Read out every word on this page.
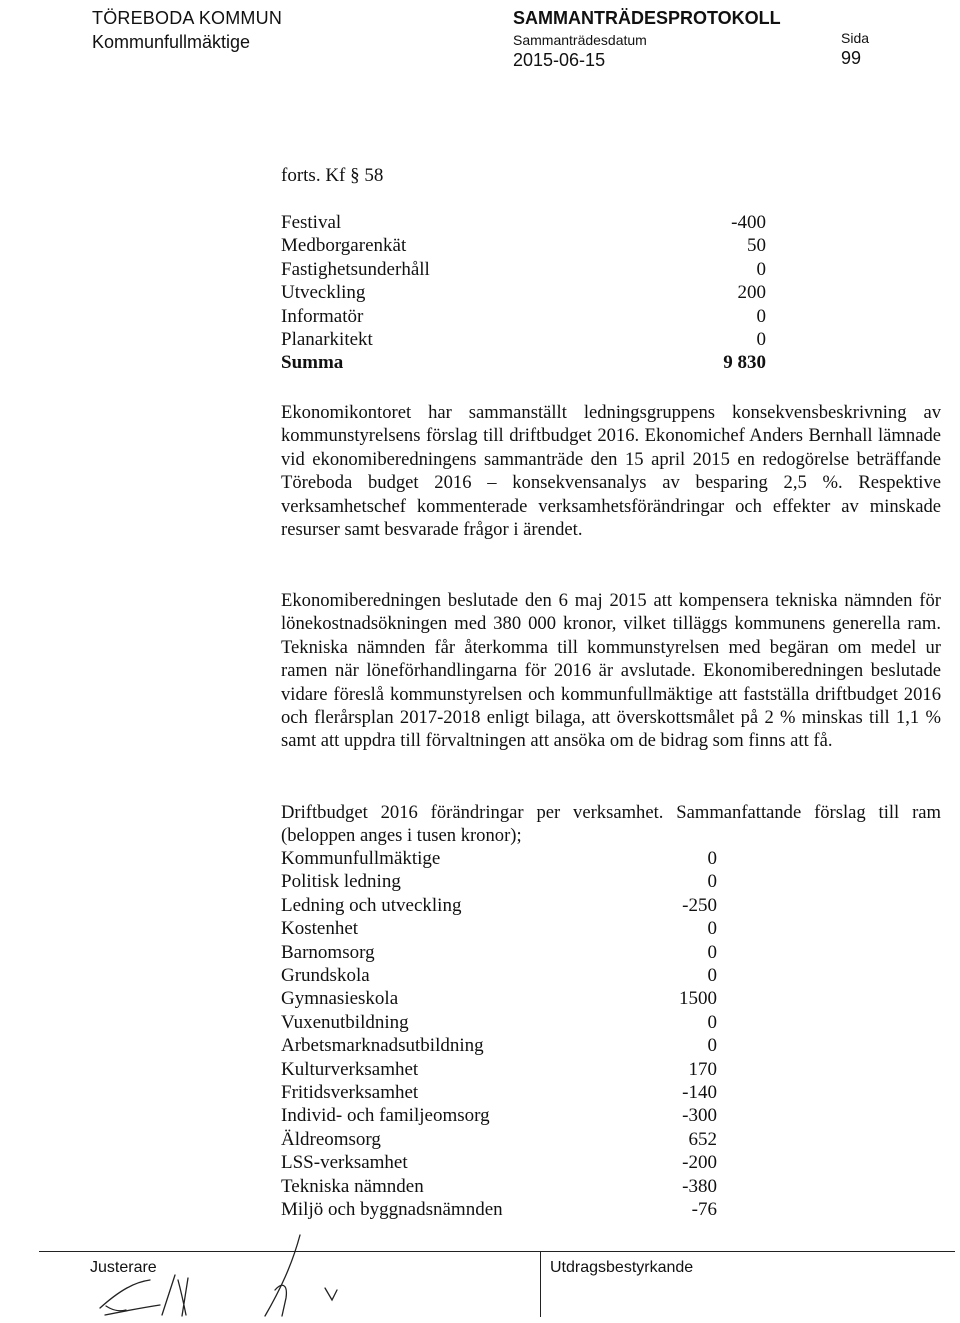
TÖREBODA KOMMUN
Kommunfullmäktige
SAMMANTRÄDESPROTOKOLL
Sammanträdesdatum
2015-06-15
Sida
99
forts. Kf § 58
Festival	-400
Medborgarenkät	50
Fastighetsunderhåll	0
Utveckling	200
Informatör	0
Planarkitekt	0
Summa	9 830
Ekonomikontoret har sammanställt ledningsgruppens konsekvensbeskrivning av kommunstyrelsens förslag till driftbudget 2016. Ekonomichef Anders Bernhall lämnade vid ekonomiberedningens sammanträde den 15 april 2015 en redogörelse beträffande Töreboda budget 2016 – konsekvensanalys av besparing 2,5 %. Respektive verksamhetschef kommenterade verksamhetsförändringar och effekter av minskade resurser samt besvarade frågor i ärendet.
Ekonomiberedningen beslutade den 6 maj 2015 att kompensera tekniska nämnden för lönekostnadsökningen med 380 000 kronor, vilket tilläggs kommunens generella ram. Tekniska nämnden får återkomma till kommunstyrelsen med begäran om medel ur ramen när löneförhandlingarna för 2016 är avslutade. Ekonomiberedningen beslutade vidare föreslå kommunstyrelsen och kommunfullmäktige att fastställa driftbudget 2016 och flerårsplan 2017-2018 enligt bilaga, att överskottsmålet på 2 % minskas till 1,1 % samt att uppdra till förvaltningen att ansöka om de bidrag som finns att få.
Driftbudget 2016 förändringar per verksamhet. Sammanfattande förslag till ram (beloppen anges i tusen kronor);
Kommunfullmäktige	0
Politisk ledning	0
Ledning och utveckling	-250
Kostenhet	0
Barnomsorg	0
Grundskola	0
Gymnasieskola	1500
Vuxenutbildning	0
Arbetsmarknadsutbildning	0
Kulturverksamhet	170
Fritidsverksamhet	-140
Individ- och familjeomsorg	-300
Äldreomsorg	652
LSS-verksamhet	-200
Tekniska nämnden	-380
Miljö och byggnadsnämnden	-76
Justerare	Utdragsbestyrkande
